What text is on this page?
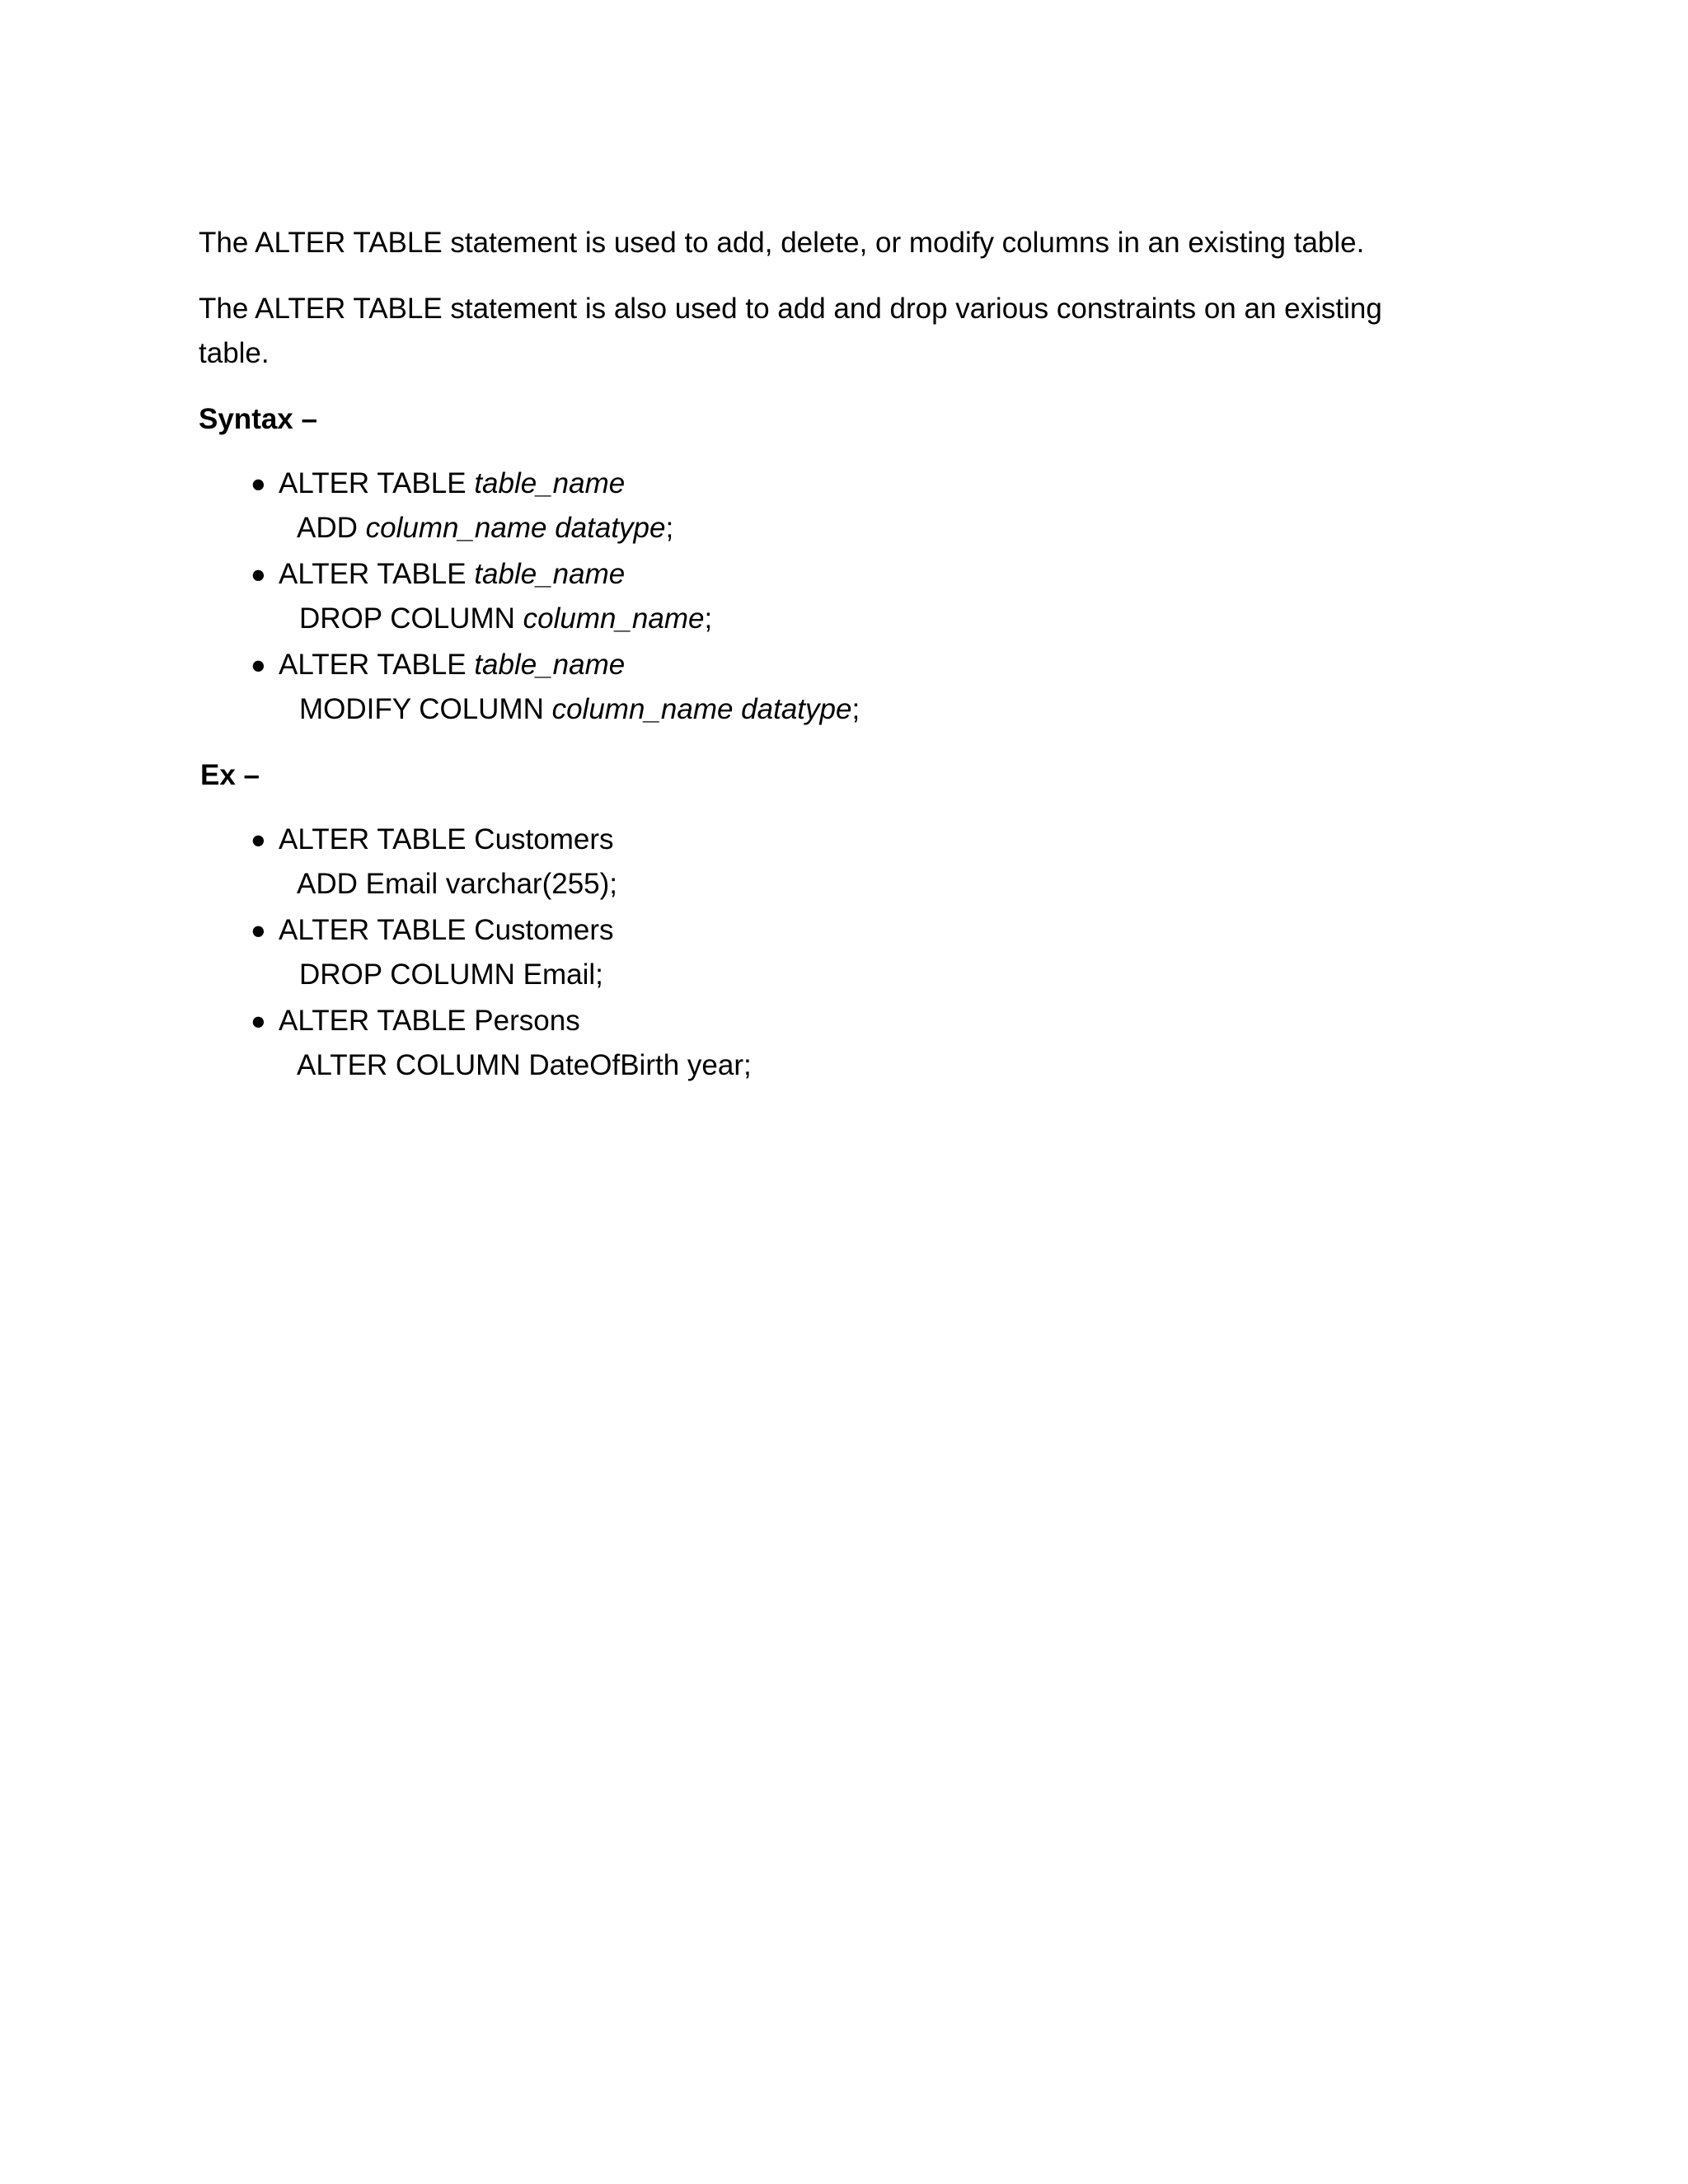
The ALTER TABLE statement is used to add, delete, or modify columns in an existing table.

The ALTER TABLE statement is also used to add and drop various constraints on an existing table.

Syntax –
● ALTER TABLE table_name
ADD column_name datatype;
● ALTER TABLE table_name
DROP COLUMN column_name;
● ALTER TABLE table_name
MODIFY COLUMN column_name datatype;
Ex –
● ALTER TABLE Customers
ADD Email varchar(255);
● ALTER TABLE Customers
DROP COLUMN Email;
● ALTER TABLE Persons
ALTER COLUMN DateOfBirth year;
